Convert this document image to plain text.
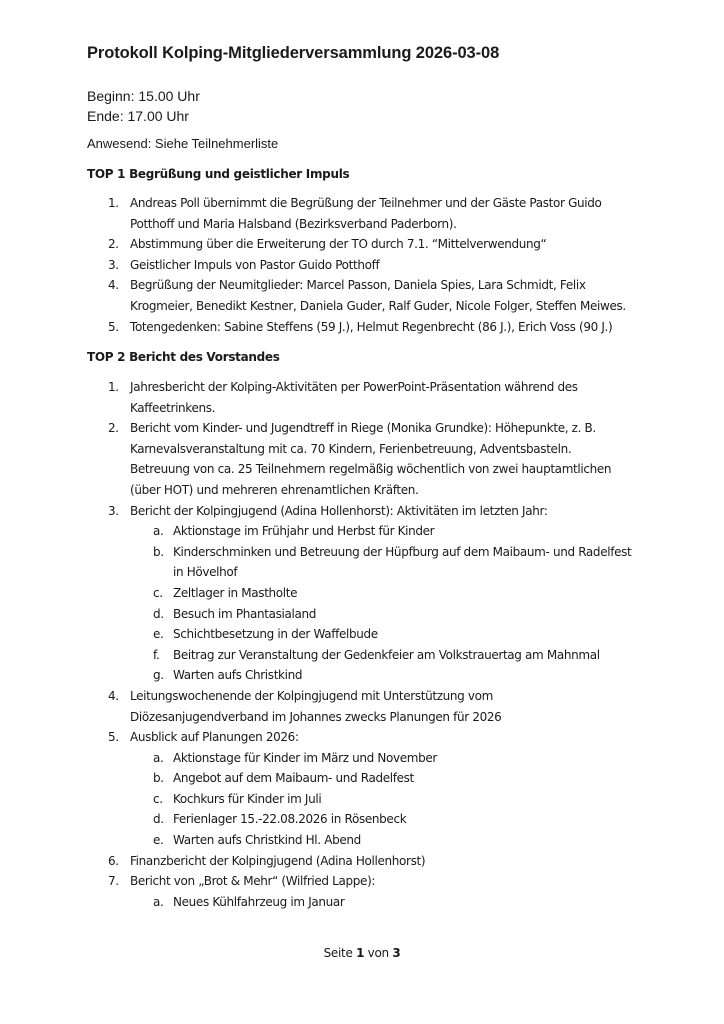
Protokoll Kolping-Mitgliederversammlung 2026-03-08
Beginn: 15.00 Uhr
Ende: 17.00 Uhr
Anwesend: Siehe Teilnehmerliste
TOP 1 Begrüßung und geistlicher Impuls
1. Andreas Poll übernimmt die Begrüßung der Teilnehmer und der Gäste Pastor Guido
Potthoff und Maria Halsband (Bezirksverband Paderborn).
2. Abstimmung über die Erweiterung der TO durch 7.1. “Mittelverwendung“
3. Geistlicher Impuls von Pastor Guido Potthoff
4. Begrüßung der Neumitglieder: Marcel Passon, Daniela Spies, Lara Schmidt, Felix
Krogmeier, Benedikt Kestner, Daniela Guder, Ralf Guder, Nicole Folger, Steffen Meiwes.
5. Totengedenken: Sabine Steffens (59 J.), Helmut Regenbrecht (86 J.), Erich Voss (90 J.)
TOP 2 Bericht des Vorstandes
1. Jahresbericht der Kolping-Aktivitäten per PowerPoint-Präsentation während des
Kaffeetrinkens.
2. Bericht vom Kinder- und Jugendtreff in Riege (Monika Grundke): Höhepunkte, z. B.
Karnevalsveranstaltung mit ca. 70 Kindern, Ferienbetreuung, Adventsbasteln.
Betreuung von ca. 25 Teilnehmern regelmäßig wöchentlich von zwei hauptamtlichen
(über HOT) und mehreren ehrenamtlichen Kräften.
3. Bericht der Kolpingjugend (Adina Hollenhorst): Aktivitäten im letzten Jahr:
a. Aktionstage im Frühjahr und Herbst für Kinder
b. Kinderschminken und Betreuung der Hüpfburg auf dem Maibaum- und Radelfest
in Hövelhof
c. Zeltlager in Mastholte
d. Besuch im Phantasialand
e. Schichtbesetzung in der Waffelbude
f.	Beitrag zur Veranstaltung der Gedenkfeier am Volkstrauertag am Mahnmal
g. Warten aufs Christkind
4. Leitungswochenende der Kolpingjugend mit Unterstützung vom
Diözesanjugendverband im Johannes zwecks Planungen für 2026
5. Ausblick auf Planungen 2026:
a. Aktionstage für Kinder im März und November
b. Angebot auf dem Maibaum- und Radelfest
c. Kochkurs für Kinder im Juli
d. Ferienlager 15.-22.08.2026 in Rösenbeck
e. Warten aufs Christkind Hl. Abend
6. Finanzbericht der Kolpingjugend (Adina Hollenhorst)
7. Bericht von „Brot & Mehr“ (Wilfried Lappe):
a. Neues Kühlfahrzeug im Januar
Seite 1 von 3
